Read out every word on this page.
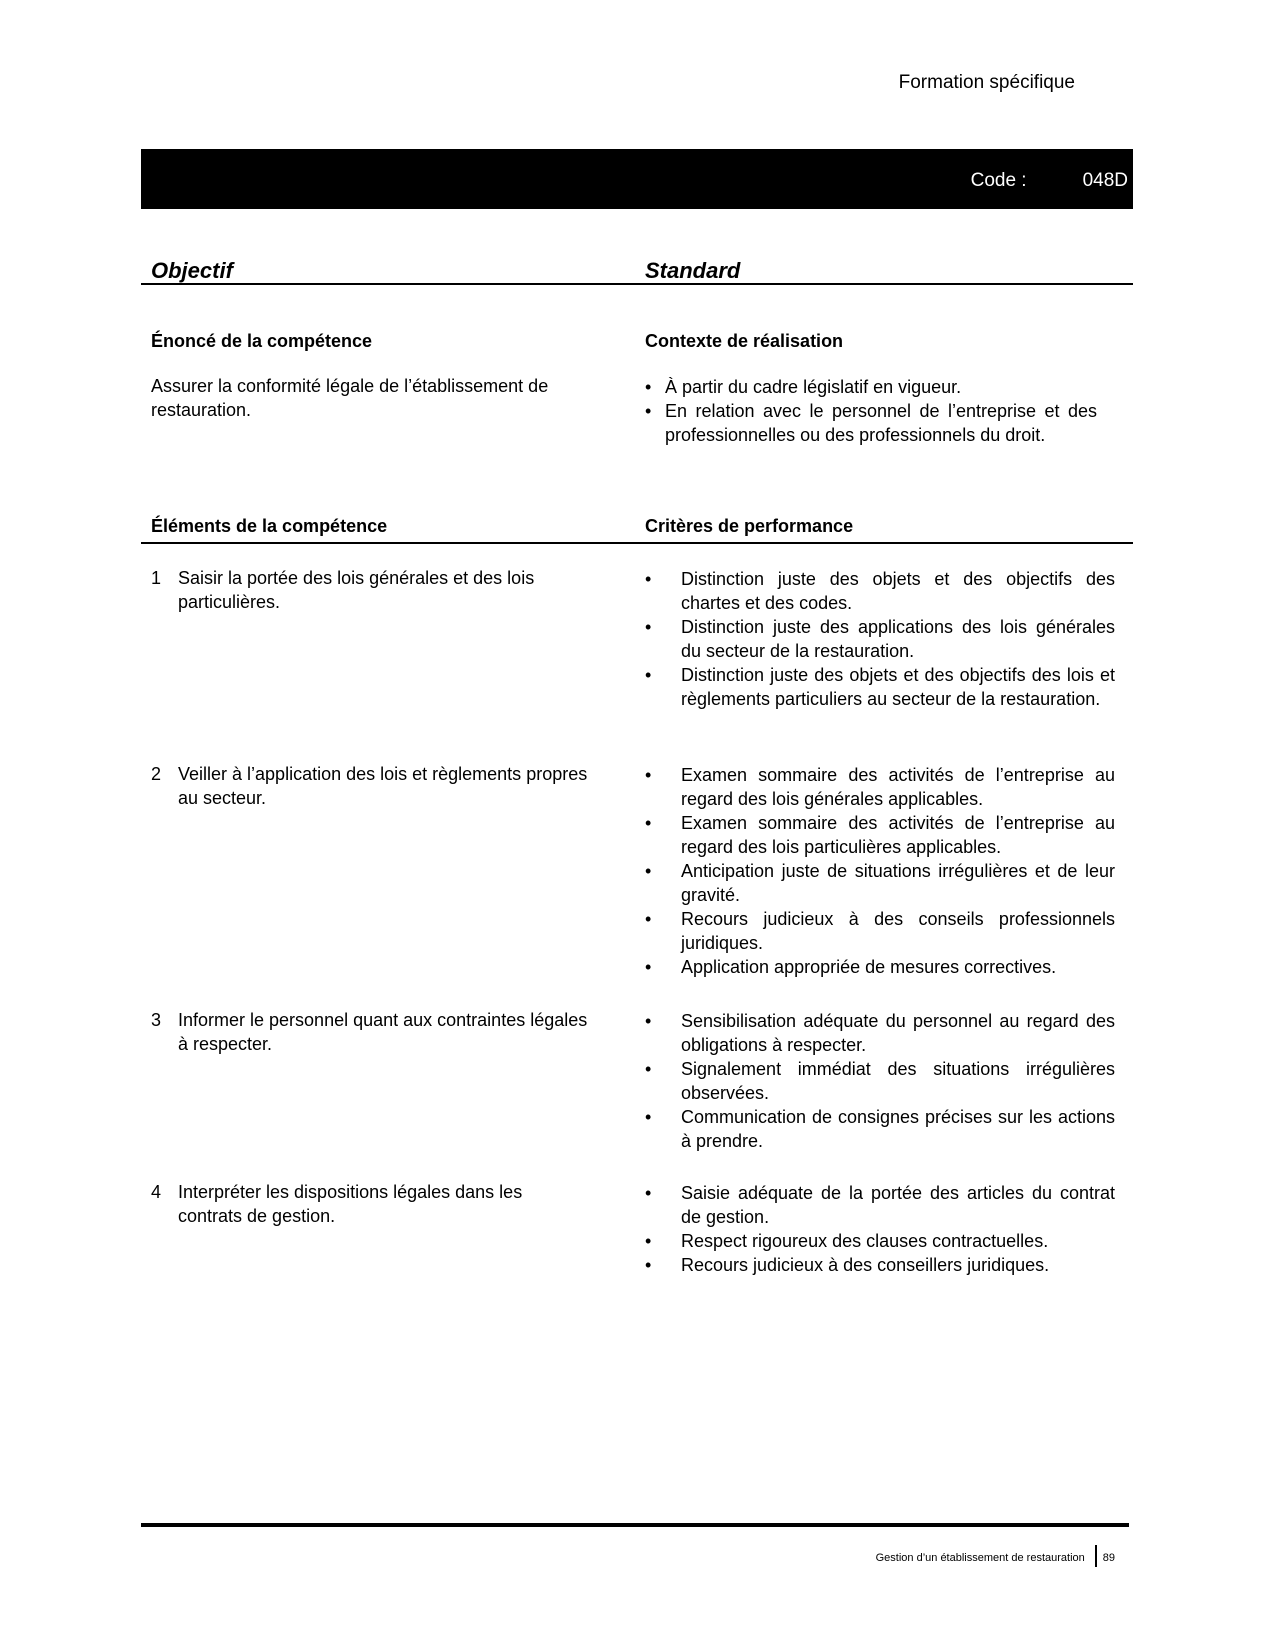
Formation spécifique
Code :	048D
Objectif	Standard
Énoncé de la compétence	Contexte de réalisation
Assurer la conformité légale de l’établissement de restauration.
• À partir du cadre législatif en vigueur.
• En relation avec le personnel de l’entreprise et des professionnelles ou des professionnels du droit.
Éléments de la compétence	Critères de performance
1 Saisir la portée des lois générales et des lois particulières.
• Distinction juste des objets et des objectifs des chartes et des codes.
• Distinction juste des applications des lois générales du secteur de la restauration.
• Distinction juste des objets et des objectifs des lois et règlements particuliers au secteur de la restauration.
2 Veiller à l’application des lois et règlements propres au secteur.
• Examen sommaire des activités de l’entreprise au regard des lois générales applicables.
• Examen sommaire des activités de l’entreprise au regard des lois particulières applicables.
• Anticipation juste de situations irrégulières et de leur gravité.
• Recours judicieux à des conseils professionnels juridiques.
• Application appropriée de mesures correctives.
3 Informer le personnel quant aux contraintes légales à respecter.
• Sensibilisation adéquate du personnel au regard des obligations à respecter.
• Signalement immédiat des situations irrégulières observées.
• Communication de consignes précises sur les actions à prendre.
4 Interpréter les dispositions légales dans les contrats de gestion.
• Saisie adéquate de la portée des articles du contrat de gestion.
• Respect rigoureux des clauses contractuelles.
• Recours judicieux à des conseillers juridiques.
Gestion d’un établissement de restauration 89
